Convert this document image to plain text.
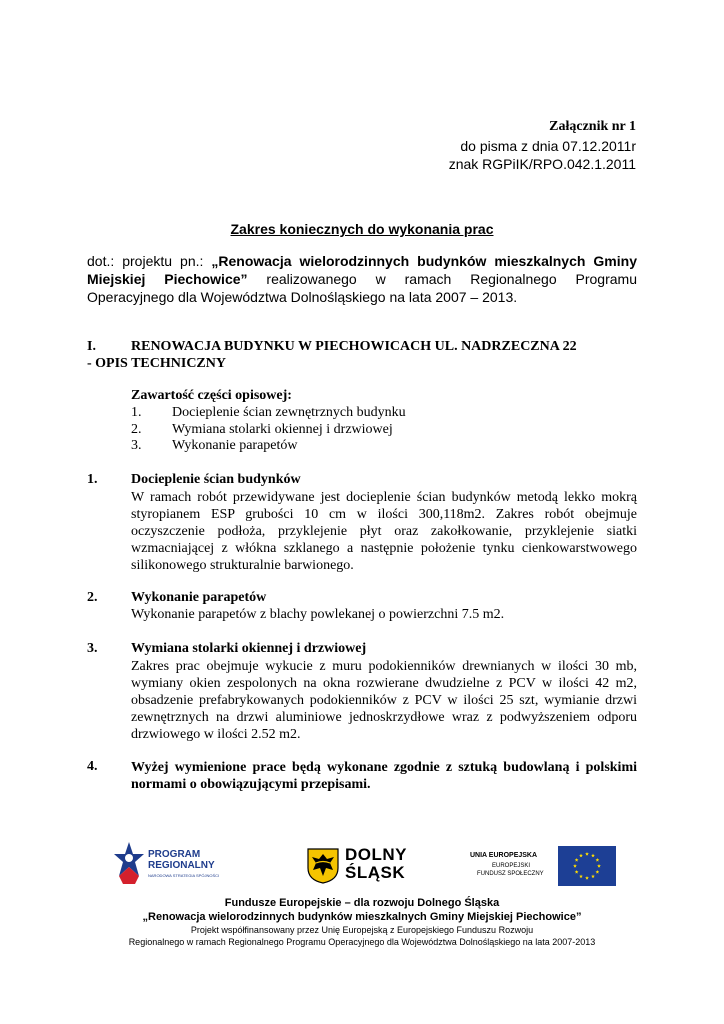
Załącznik nr 1
do pisma z dnia 07.12.2011r
znak RGPiIK/RPO.042.1.2011
Zakres koniecznych do wykonania prac
dot.: projektu pn.: „Renowacja wielorodzinnych budynków mieszkalnych Gminy
Miejskiej Piechowice” realizowanego w ramach Regionalnego Programu
Operacyjnego dla Województwa Dolnośląskiego na lata 2007 – 2013.
I.	RENOWACJA BUDYNKU W PIECHOWICACH UL. NADRZECZNA 22
- OPIS TECHNICZNY
Zawartość części opisowej:
1. Docieplenie ścian zewnętrznych budynku
2. Wymiana stolarki okiennej i drzwiowej
3. Wykonanie parapetów
1. Docieplenie ścian budynków
W ramach robót przewidywane jest docieplenie ścian budynków metodą lekko mokrą
styropianem ESP grubości 10 cm w ilości 300,118m2. Zakres robót obejmuje
oczyszczenie podłoża, przyklejenie płyt oraz zakołkowanie, przyklejenie siatki
wzmacniającej z włókna szklanego a następnie położenie tynku cienkowarstwowego
silikonowego strukturalnie barwionego.
2. Wykonanie parapetów
Wykonanie parapetów z blachy powlekanej o powierzchni 7.5 m2.
3. Wymiana stolarki okiennej i drzwiowej
Zakres prac obejmuje wykucie z muru podokienników drewnianych w ilości 30 mb,
wymiany okien zespolonych na okna rozwierane dwudzielne z PCV w ilości 42 m2,
obsadzenie prefabrykowanych podokienników z PCV w ilości 25 szt, wymianie drzwi
zewnętrznych na drzwi aluminiowe jednoskrzydłowe wraz z podwyższeniem odporu
drzwiowego w ilości 2.52 m2.
4. Wyżej wymienione prace będą wykonane zgodnie z sztuką budowlaną i polskimi
normami o obowiązującymi przepisami.
PROGRAM
REGIONALNY
NARODOWA STRATEGIA SPÓJNOŚCI
DOLNY
ŚLĄSK
UNIA EUROPEJSKA
EUROPEJSKI
FUNDUSZ SPOŁECZNY
Fundusze Europejskie – dla rozwoju Dolnego Śląska
„Renowacja wielorodzinnych budynków mieszkalnych Gminy Miejskiej Piechowice”
Projekt współfinansowany przez Unię Europejską z Europejskiego Funduszu Rozwoju
Regionalnego w ramach Regionalnego Programu Operacyjnego dla Województwa Dolnośląskiego na lata 2007-2013
